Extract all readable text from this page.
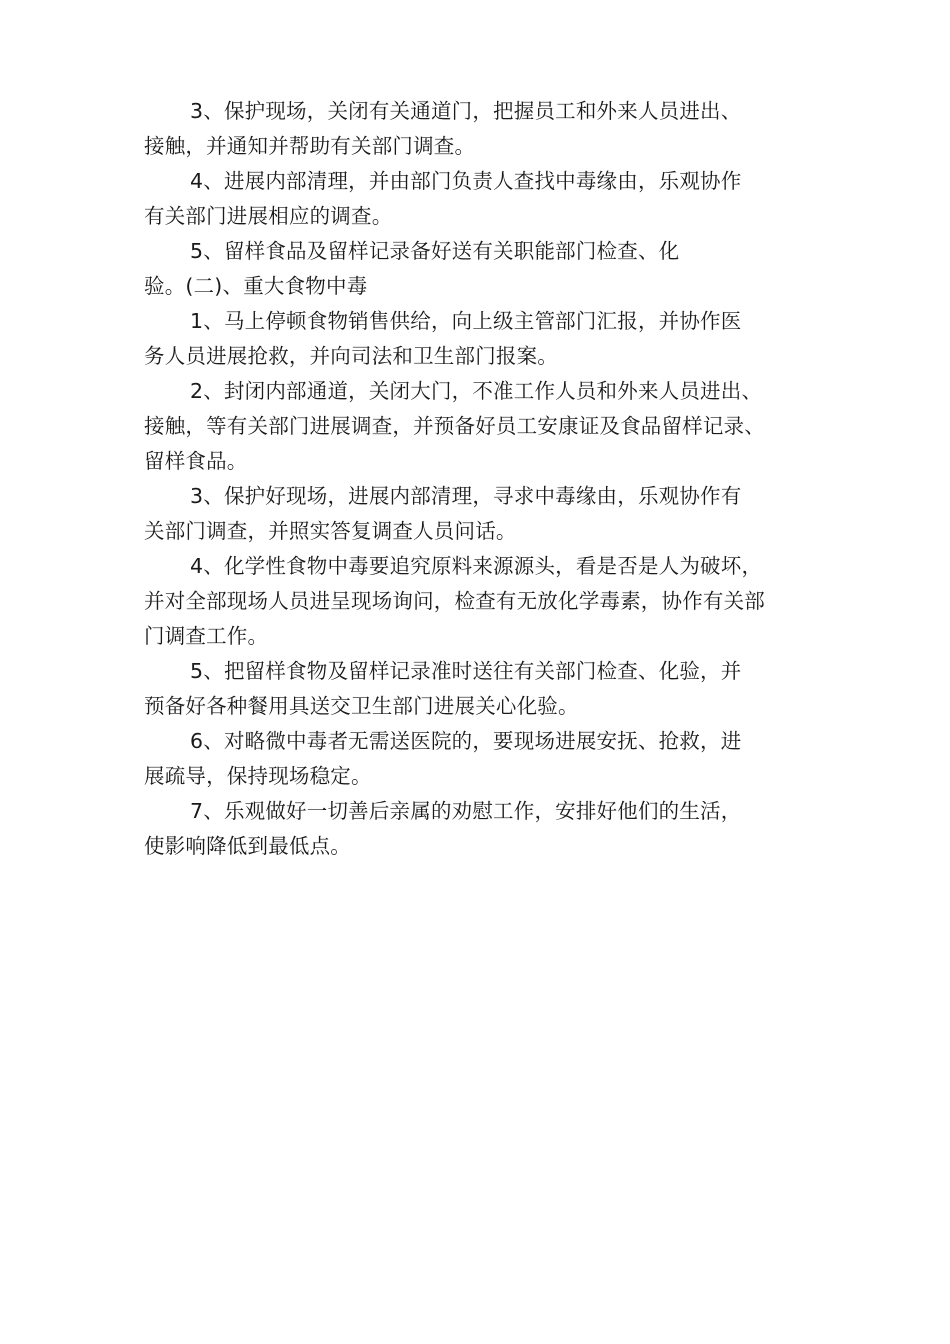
3、保护现场，关闭有关通道门，把握员工和外来人员进出、
接触，并通知并帮助有关部门调查。
4、进展内部清理，并由部门负责人查找中毒缘由，乐观协作
有关部门进展相应的调查。
5、留样食品及留样记录备好送有关职能部门检查、化
验。(二)、重大食物中毒
1、马上停顿食物销售供给，向上级主管部门汇报，并协作医
务人员进展抢救，并向司法和卫生部门报案。
2、封闭内部通道，关闭大门，不准工作人员和外来人员进出、
接触，等有关部门进展调查，并预备好员工安康证及食品留样记录、
留样食品。
3、保护好现场，进展内部清理，寻求中毒缘由，乐观协作有
关部门调查，并照实答复调查人员问话。
4、化学性食物中毒要追究原料来源源头，看是否是人为破坏，
并对全部现场人员进呈现场询问，检查有无放化学毒素，协作有关部
门调查工作。
5、把留样食物及留样记录准时送往有关部门检查、化验，并
预备好各种餐用具送交卫生部门进展关心化验。
6、对略微中毒者无需送医院的，要现场进展安抚、抢救，进
展疏导，保持现场稳定。
7、乐观做好一切善后亲属的劝慰工作，安排好他们的生活，
使影响降低到最低点。
